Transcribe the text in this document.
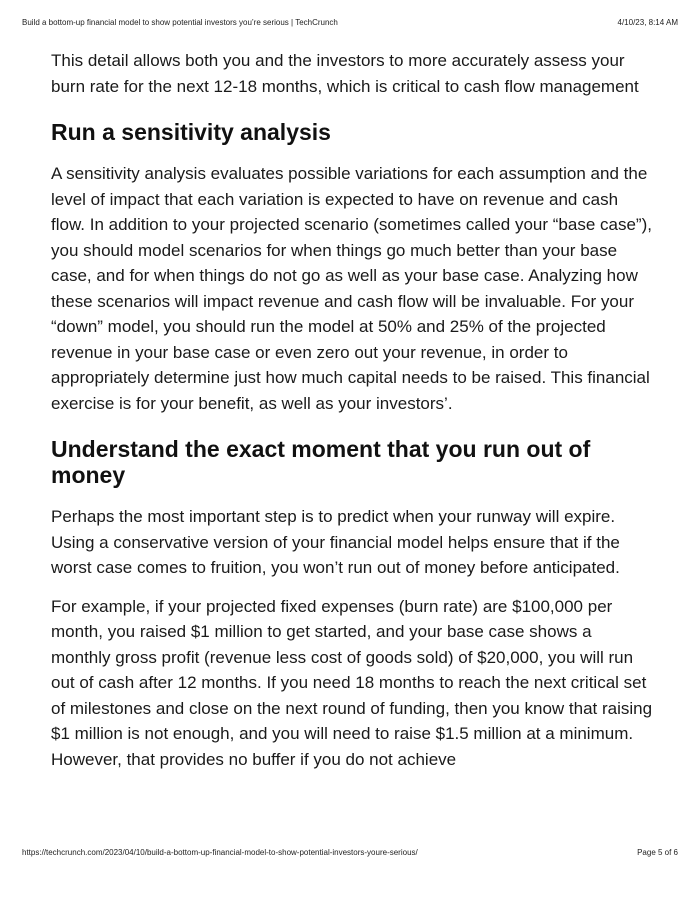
Build a bottom-up financial model to show potential investors you’re serious | TechCrunch	4/10/23, 8:14 AM

This detail allows both you and the investors to more accurately assess your burn rate for the next 12-18 months, which is critical to cash flow management

Run a sensitivity analysis

A sensitivity analysis evaluates possible variations for each assumption and the level of impact that each variation is expected to have on revenue and cash flow. In addition to your projected scenario (sometimes called your “base case”), you should model scenarios for when things go much better than your base case, and for when things do not go as well as your base case. Analyzing how these scenarios will impact revenue and cash flow will be invaluable. For your “down” model, you should run the model at 50% and 25% of the projected revenue in your base case or even zero out your revenue, in order to appropriately determine just how much capital needs to be raised. This financial exercise is for your benefit, as well as your investors’.

Understand the exact moment that you run out of money

Perhaps the most important step is to predict when your runway will expire. Using a conservative version of your financial model helps ensure that if the worst case comes to fruition, you won’t run out of money before anticipated.

For example, if your projected fixed expenses (burn rate) are $100,000 per month, you raised $1 million to get started, and your base case shows a monthly gross profit (revenue less cost of goods sold) of $20,000, you will run out of cash after 12 months. If you need 18 months to reach the next critical set of milestones and close on the next round of funding, then you know that raising $1 million is not enough, and you will need to raise $1.5 million at a minimum. However, that provides no buffer if you do not achieve

https://techcrunch.com/2023/04/10/build-a-bottom-up-financial-model-to-show-potential-investors-youre-serious/	Page 5 of 6
